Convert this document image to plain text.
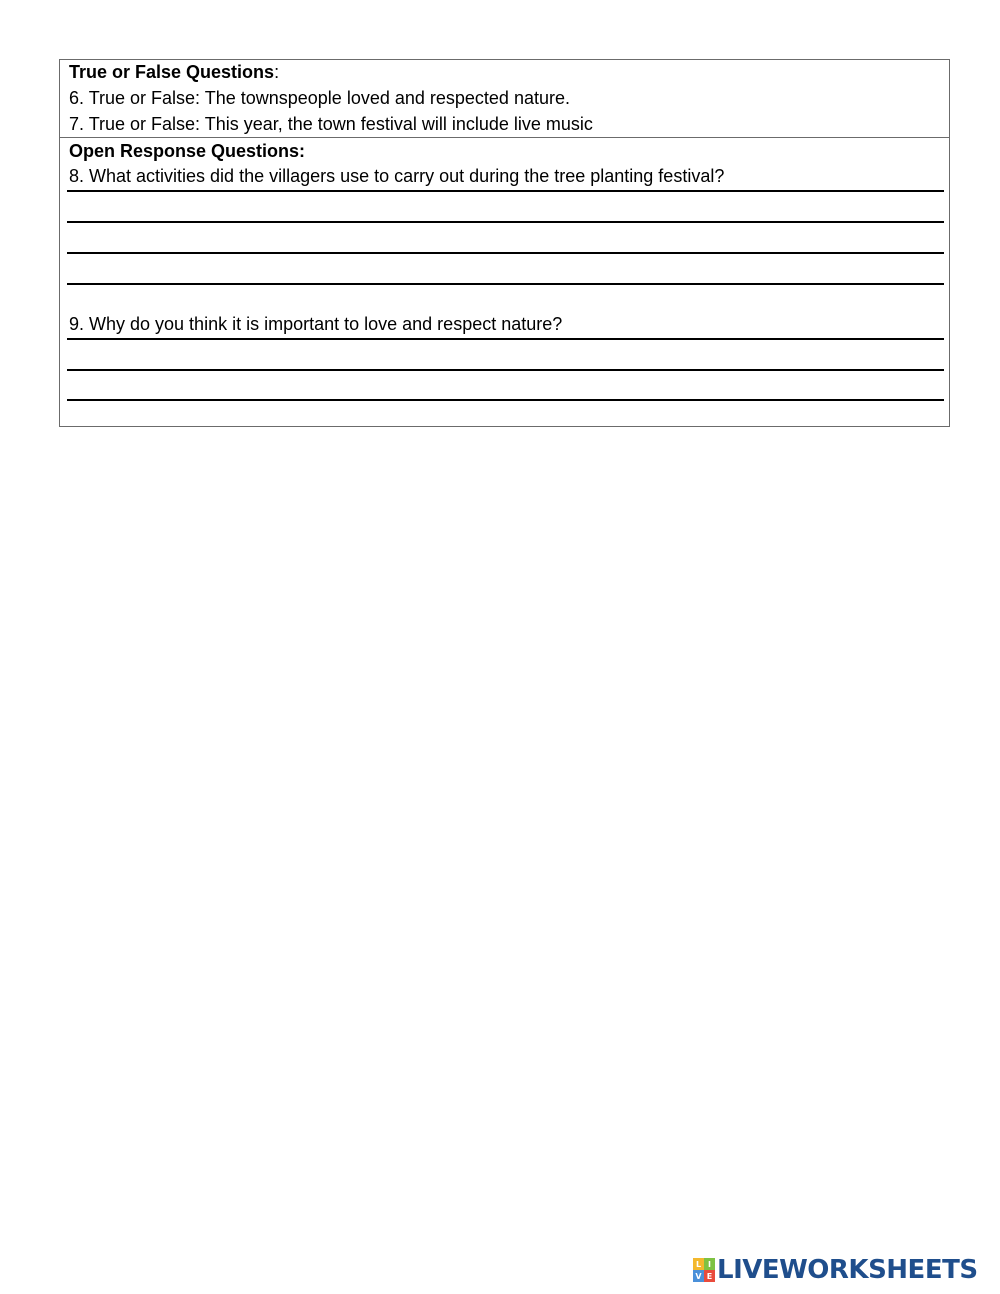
True or False Questions:
6. True or False: The townspeople loved and respected nature.
7. True or False: This year, the town festival will include live music
Open Response Questions:
8. What activities did the villagers use to carry out during the tree planting festival?
9. Why do you think it is important to love and respect nature?
L I
V E LIVEWORKSHEETS
